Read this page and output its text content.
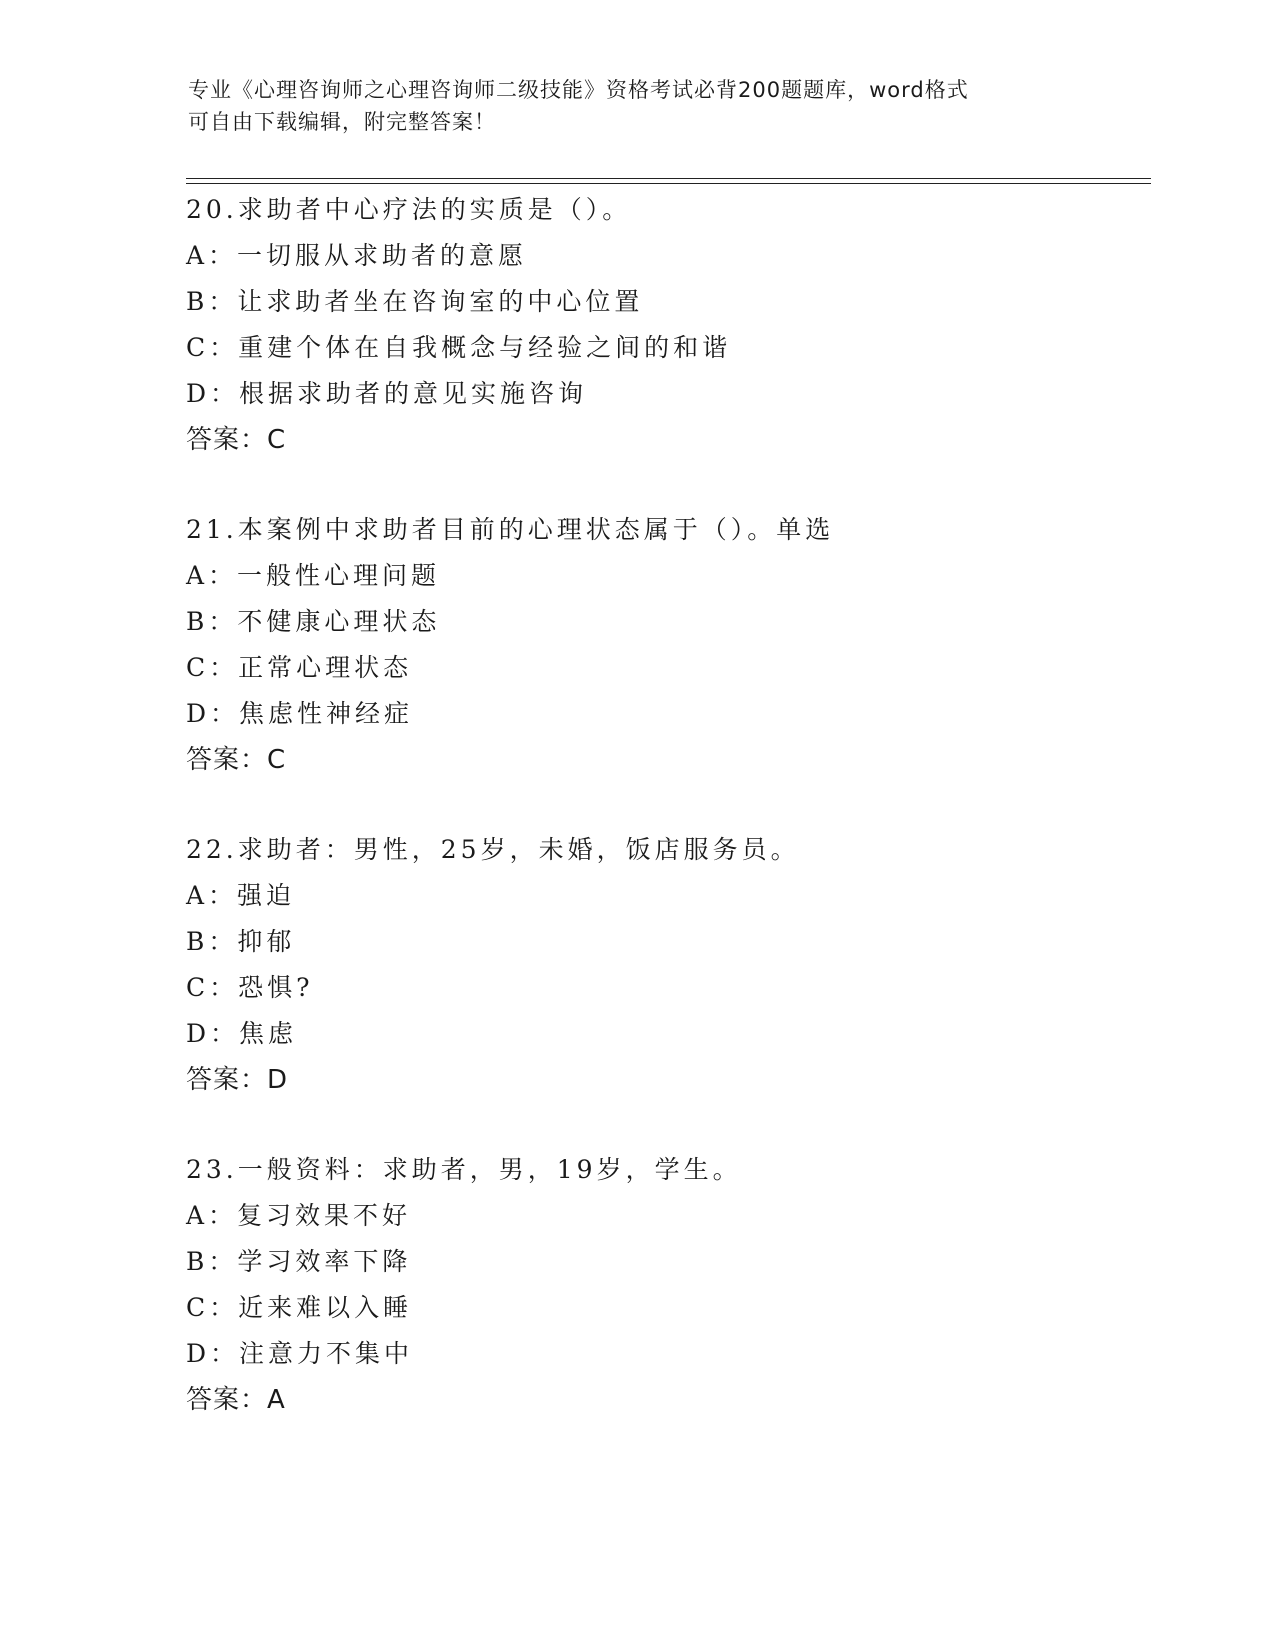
专业《心理咨询师之心理咨询师二级技能》资格考试必背200题题库，word格式
可自由下载编辑，附完整答案！
20.求助者中心疗法的实质是（）。
A：一切服从求助者的意愿
B：让求助者坐在咨询室的中心位置
C：重建个体在自我概念与经验之间的和谐
D：根据求助者的意见实施咨询
答案：C
21.本案例中求助者目前的心理状态属于（）。单选
A：一般性心理问题
B：不健康心理状态
C：正常心理状态
D：焦虑性神经症
答案：C
22.求助者：男性，25岁，未婚，饭店服务员。
A：强迫
B：抑郁
C：恐惧?
D：焦虑
答案：D
23.一般资料：求助者，男，19岁，学生。
A：复习效果不好
B：学习效率下降
C：近来难以入睡
D：注意力不集中
答案：A
